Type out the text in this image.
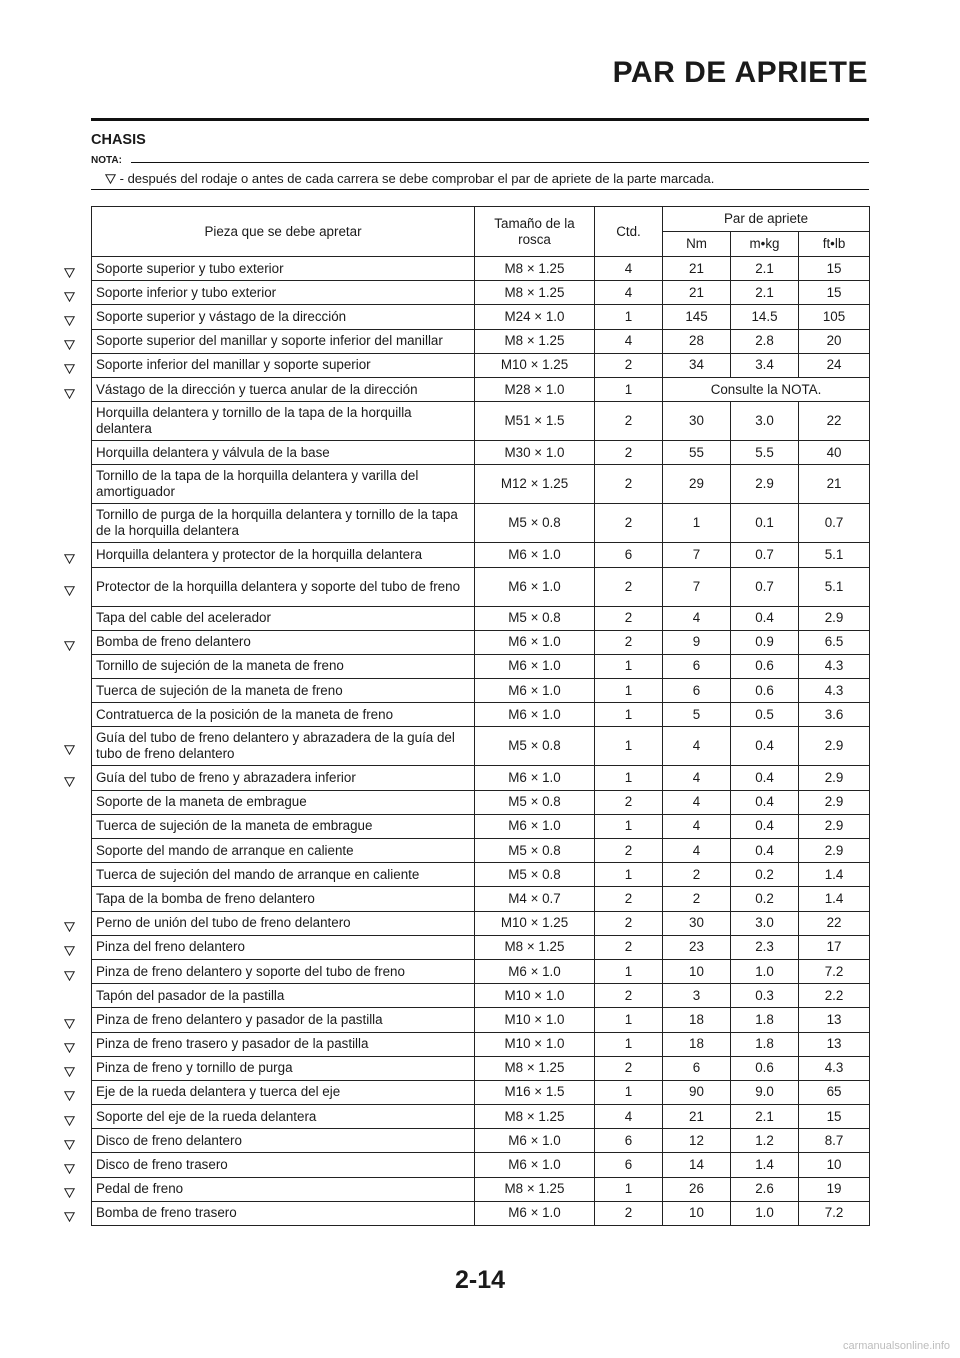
PAR DE APRIETE
CHASIS
NOTA:
- después del rodaje o antes de cada carrera se debe comprobar el par de apriete de la parte marcada.
Pieza que se debe apretar	Tamaño de la rosca	Ctd.	Par de apriete		
			Nm	m•kg	ft•lb
Soporte superior y tubo exterior	M8 × 1.25	4	21	2.1	15
Soporte inferior y tubo exterior	M8 × 1.25	4	21	2.1	15
Soporte superior y vástago de la dirección	M24 × 1.0	1	145	14.5	105
Soporte superior del manillar y soporte inferior del manillar	M8 × 1.25	4	28	2.8	20
Soporte inferior del manillar y soporte superior	M10 × 1.25	2	34	3.4	24
Vástago de la dirección y tuerca anular de la dirección	M28 × 1.0	1	Consulte la NOTA.		
Horquilla delantera y tornillo de la tapa de la horquilla delantera	M51 × 1.5	2	30	3.0	22
Horquilla delantera y válvula de la base	M30 × 1.0	2	55	5.5	40
Tornillo de la tapa de la horquilla delantera y varilla del amortiguador	M12 × 1.25	2	29	2.9	21
Tornillo de purga de la horquilla delantera y tornillo de la tapa de la horquilla delantera	M5 × 0.8	2	1	0.1	0.7
Horquilla delantera y protector de la horquilla delantera	M6 × 1.0	6	7	0.7	5.1
Protector de la horquilla delantera y soporte del tubo de freno	M6 × 1.0	2	7	0.7	5.1
Tapa del cable del acelerador	M5 × 0.8	2	4	0.4	2.9
Bomba de freno delantero	M6 × 1.0	2	9	0.9	6.5
Tornillo de sujeción de la maneta de freno	M6 × 1.0	1	6	0.6	4.3
Tuerca de sujeción de la maneta de freno	M6 × 1.0	1	6	0.6	4.3
Contratuerca de la posición de la maneta de freno	M6 × 1.0	1	5	0.5	3.6
Guía del tubo de freno delantero y abrazadera de la guía del tubo de freno delantero	M5 × 0.8	1	4	0.4	2.9
Guía del tubo de freno y abrazadera inferior	M6 × 1.0	1	4	0.4	2.9
Soporte de la maneta de embrague	M5 × 0.8	2	4	0.4	2.9
Tuerca de sujeción de la maneta de embrague	M6 × 1.0	1	4	0.4	2.9
Soporte del mando de arranque en caliente	M5 × 0.8	2	4	0.4	2.9
Tuerca de sujeción del mando de arranque en caliente	M5 × 0.8	1	2	0.2	1.4
Tapa de la bomba de freno delantero	M4 × 0.7	2	2	0.2	1.4
Perno de unión del tubo de freno delantero	M10 × 1.25	2	30	3.0	22
Pinza del freno delantero	M8 × 1.25	2	23	2.3	17
Pinza de freno delantero y soporte del tubo de freno	M6 × 1.0	1	10	1.0	7.2
Tapón del pasador de la pastilla	M10 × 1.0	2	3	0.3	2.2
Pinza de freno delantero y pasador de la pastilla	M10 × 1.0	1	18	1.8	13
Pinza de freno trasero y pasador de la pastilla	M10 × 1.0	1	18	1.8	13
Pinza de freno y tornillo de purga	M8 × 1.25	2	6	0.6	4.3
Eje de la rueda delantera y tuerca del eje	M16 × 1.5	1	90	9.0	65
Soporte del eje de la rueda delantera	M8 × 1.25	4	21	2.1	15
Disco de freno delantero	M6 × 1.0	6	12	1.2	8.7
Disco de freno trasero	M6 × 1.0	6	14	1.4	10
Pedal de freno	M8 × 1.25	1	26	2.6	19
Bomba de freno trasero	M6 × 1.0	2	10	1.0	7.2
2-14
carmanualsonline.info
